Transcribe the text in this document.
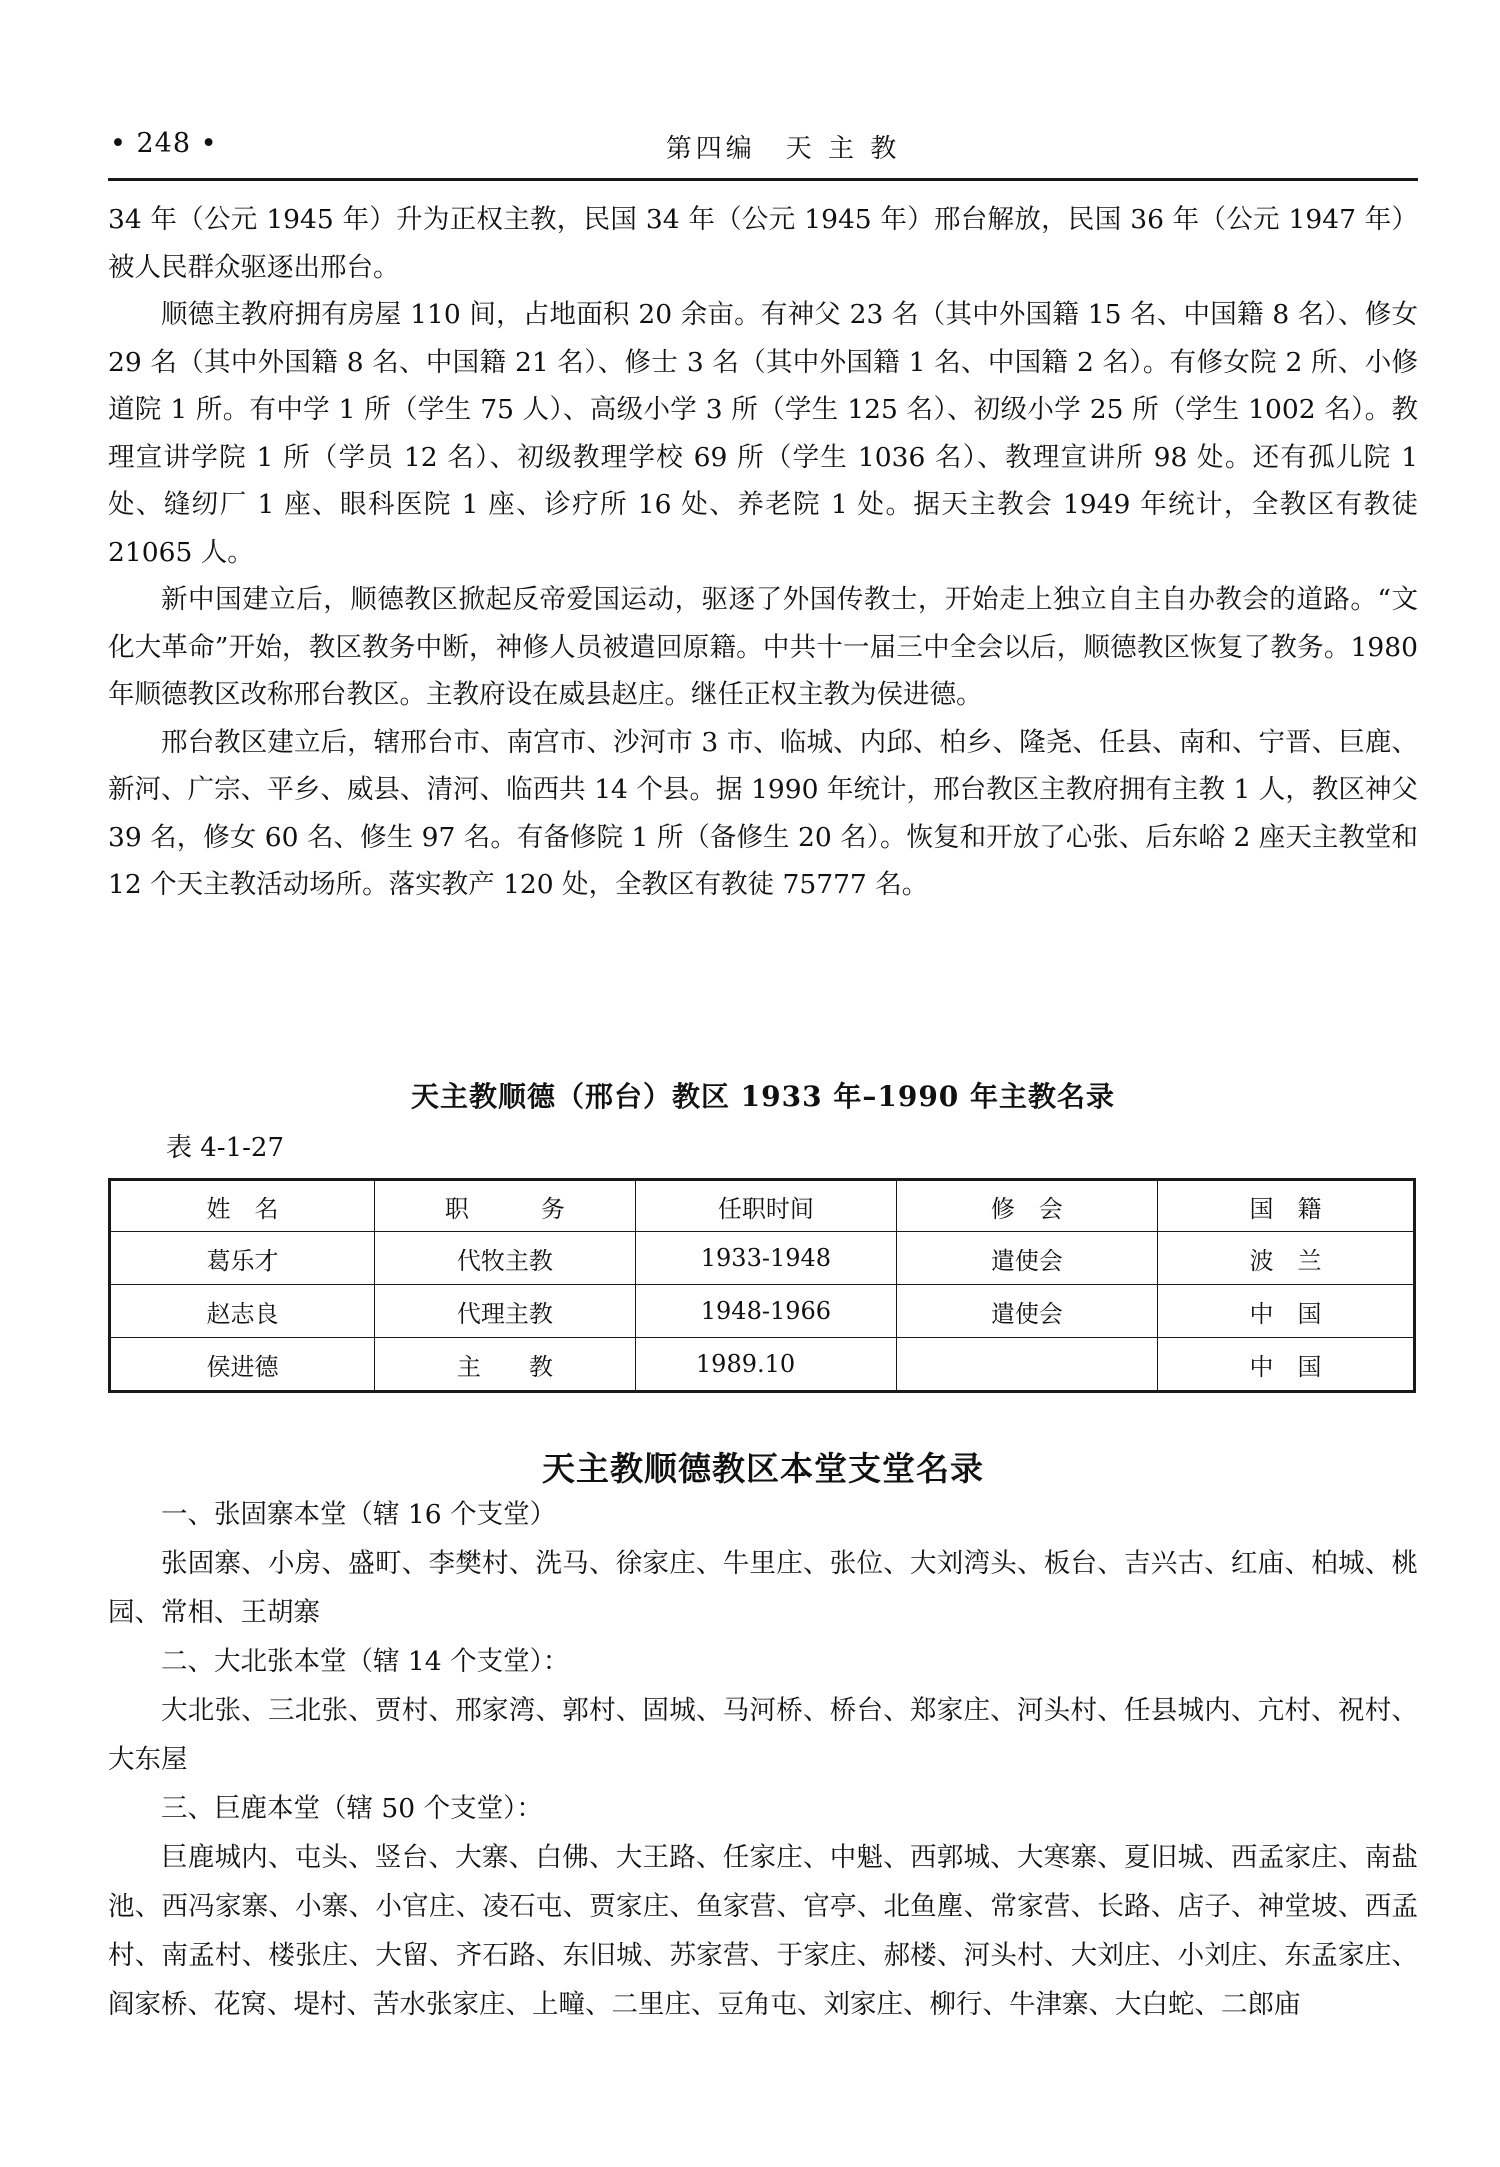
• 248 •	第四编　天 主 教

34 年（公元 1945 年）升为正权主教，民国 34 年（公元 1945 年）邢台解放，民国 36 年（公元 1947 年）被人民群众驱逐出邢台。

顺德主教府拥有房屋 110 间，占地面积 20 余亩。有神父 23 名（其中外国籍 15 名、中国籍 8 名）、修女 29 名（其中外国籍 8 名、中国籍 21 名）、修士 3 名（其中外国籍 1 名、中国籍 2 名）。有修女院 2 所、小修道院 1 所。有中学 1 所（学生 75 人）、高级小学 3 所（学生 125 名）、初级小学 25 所（学生 1002 名）。教理宣讲学院 1 所（学员 12 名）、初级教理学校 69 所（学生 1036 名）、教理宣讲所 98 处。还有孤儿院 1 处、缝纫厂 1 座、眼科医院 1 座、诊疗所 16 处、养老院 1 处。据天主教会 1949 年统计，全教区有教徒 21065 人。

新中国建立后，顺德教区掀起反帝爱国运动，驱逐了外国传教士，开始走上独立自主自办教会的道路。“文化大革命”开始，教区教务中断，神修人员被遣回原籍。中共十一届三中全会以后，顺德教区恢复了教务。1980 年顺德教区改称邢台教区。主教府设在威县赵庄。继任正权主教为侯进德。

邢台教区建立后，辖邢台市、南宫市、沙河市 3 市、临城、内邱、柏乡、隆尧、任县、南和、宁晋、巨鹿、新河、广宗、平乡、威县、清河、临西共 14 个县。据 1990 年统计，邢台教区主教府拥有主教 1 人，教区神父 39 名，修女 60 名、修生 97 名。有备修院 1 所（备修生 20 名）。恢复和开放了心张、后东峪 2 座天主教堂和 12 个天主教活动场所。落实教产 120 处，全教区有教徒 75777 名。

天主教顺德（邢台）教区 1933 年–1990 年主教名录
表 4-1-27
姓　名	职　　　务	任职时间	修　会	国　籍
葛乐才	代牧主教	1933-1948	遣使会	波　兰
赵志良	代理主教	1948-1966	遣使会	中　国
侯进德	主　　教	1989.10		中　国
天主教顺德教区本堂支堂名录

一、张固寨本堂（辖 16 个支堂）

张固寨、小房、盛町、李樊村、洗马、徐家庄、牛里庄、张位、大刘湾头、板台、吉兴古、红庙、柏城、桃园、常相、王胡寨

二、大北张本堂（辖 14 个支堂）：

大北张、三北张、贾村、邢家湾、郭村、固城、马河桥、桥台、郑家庄、河头村、任县城内、亢村、祝村、大东屋

三、巨鹿本堂（辖 50 个支堂）：

巨鹿城内、屯头、竖台、大寨、白佛、大王路、任家庄、中魁、西郭城、大寒寨、夏旧城、西孟家庄、南盐池、西冯家寨、小寨、小官庄、凌石屯、贾家庄、鱼家营、官亭、北鱼塵、常家营、长路、店子、神堂坡、西孟村、南孟村、楼张庄、大留、齐石路、东旧城、苏家营、于家庄、郝楼、河头村、大刘庄、小刘庄、东孟家庄、阎家桥、花窝、堤村、苦水张家庄、上疃、二里庄、豆角屯、刘家庄、柳行、牛津寨、大白蛇、二郎庙
